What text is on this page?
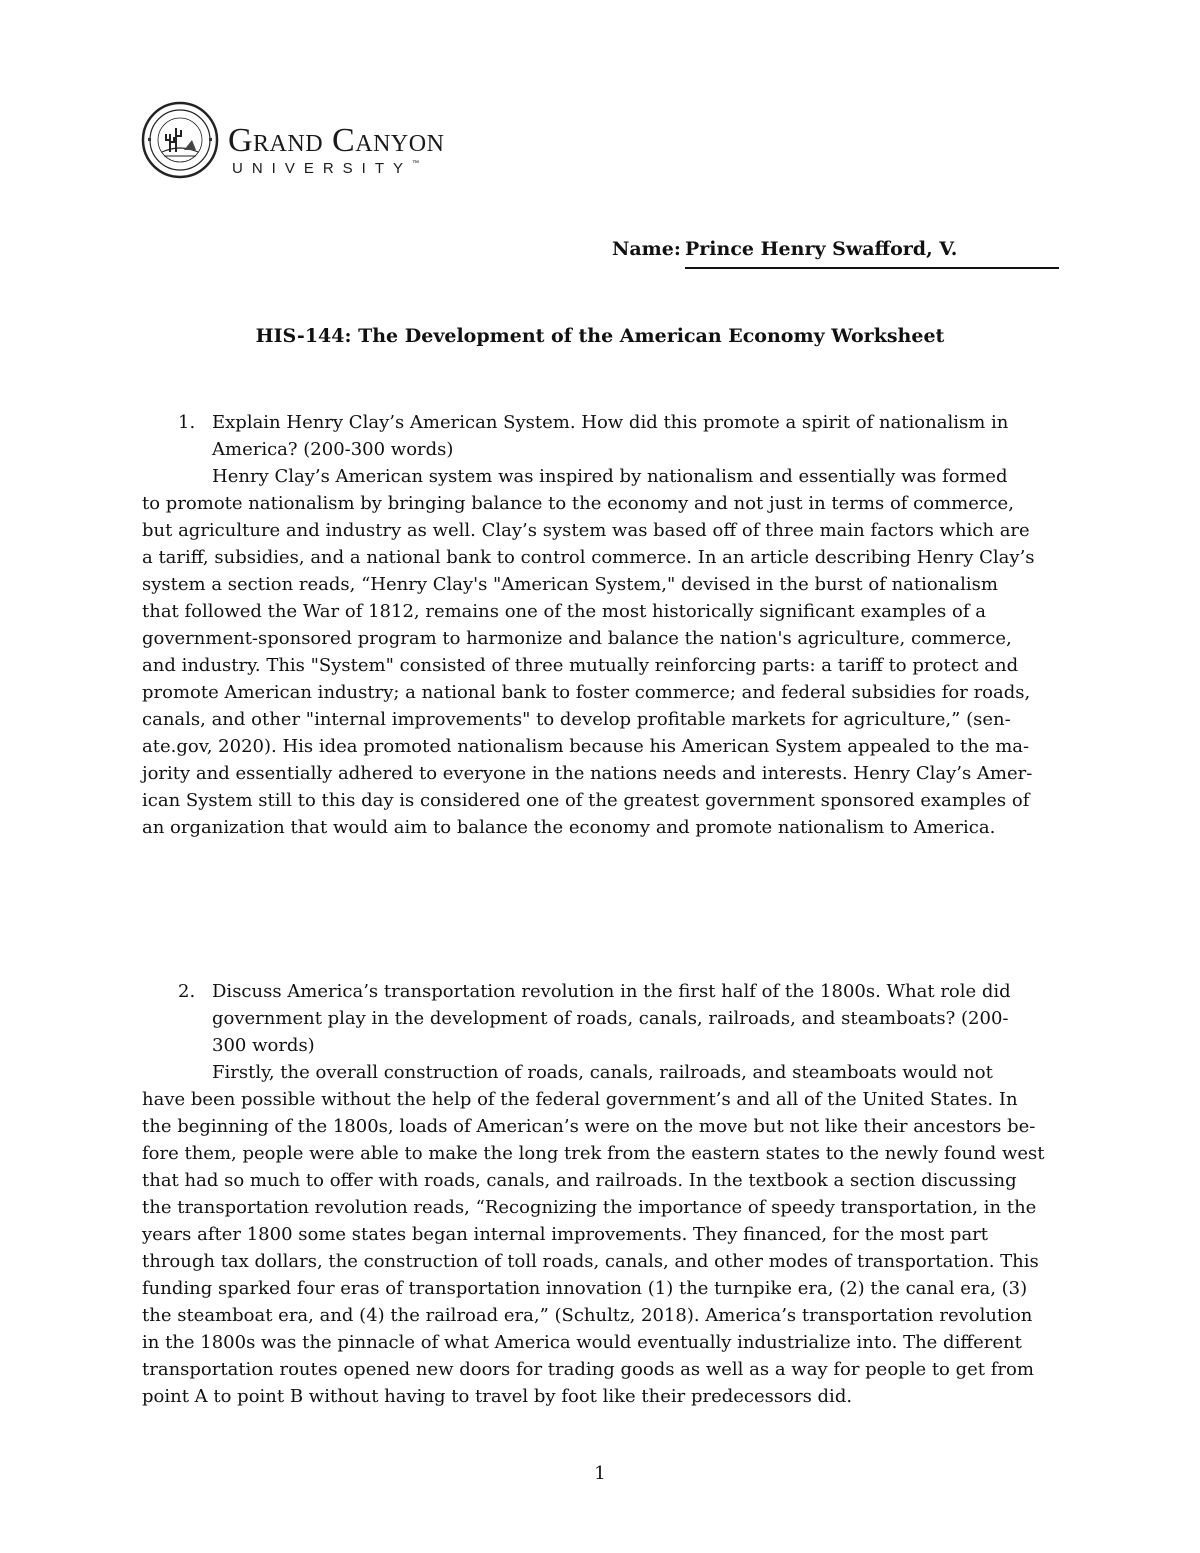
Grand Canyon
UNIVERSITY™
Name: Prince Henry Swafford, V.
HIS-144: The Development of the American Economy Worksheet
1. Explain Henry Clay’s American System. How did this promote a spirit of nationalism in
America? (200-300 words)
Henry Clay’s American system was inspired by nationalism and essentially was formed
to promote nationalism by bringing balance to the economy and not just in terms of commerce,
but agriculture and industry as well. Clay’s system was based off of three main factors which are
a tariff, subsidies, and a national bank to control commerce. In an article describing Henry Clay’s
system a section reads, “Henry Clay's "American System," devised in the burst of nationalism
that followed the War of 1812, remains one of the most historically significant examples of a
government-sponsored program to harmonize and balance the nation's agriculture, commerce,
and industry. This "System" consisted of three mutually reinforcing parts: a tariff to protect and
promote American industry; a national bank to foster commerce; and federal subsidies for roads,
canals, and other "internal improvements" to develop profitable markets for agriculture,” (sen-
ate.gov, 2020). His idea promoted nationalism because his American System appealed to the ma-
jority and essentially adhered to everyone in the nations needs and interests. Henry Clay’s Amer-
ican System still to this day is considered one of the greatest government sponsored examples of
an organization that would aim to balance the economy and promote nationalism to America.
2. Discuss America’s transportation revolution in the first half of the 1800s. What role did
government play in the development of roads, canals, railroads, and steamboats? (200-
300 words)
Firstly, the overall construction of roads, canals, railroads, and steamboats would not
have been possible without the help of the federal government’s and all of the United States. In
the beginning of the 1800s, loads of American’s were on the move but not like their ancestors be-
fore them, people were able to make the long trek from the eastern states to the newly found west
that had so much to offer with roads, canals, and railroads. In the textbook a section discussing
the transportation revolution reads, “Recognizing the importance of speedy transportation, in the
years after 1800 some states began internal improvements. They financed, for the most part
through tax dollars, the construction of toll roads, canals, and other modes of transportation. This
funding sparked four eras of transportation innovation (1) the turnpike era, (2) the canal era, (3)
the steamboat era, and (4) the railroad era,” (Schultz, 2018). America’s transportation revolution
in the 1800s was the pinnacle of what America would eventually industrialize into. The different
transportation routes opened new doors for trading goods as well as a way for people to get from
point A to point B without having to travel by foot like their predecessors did.
1
